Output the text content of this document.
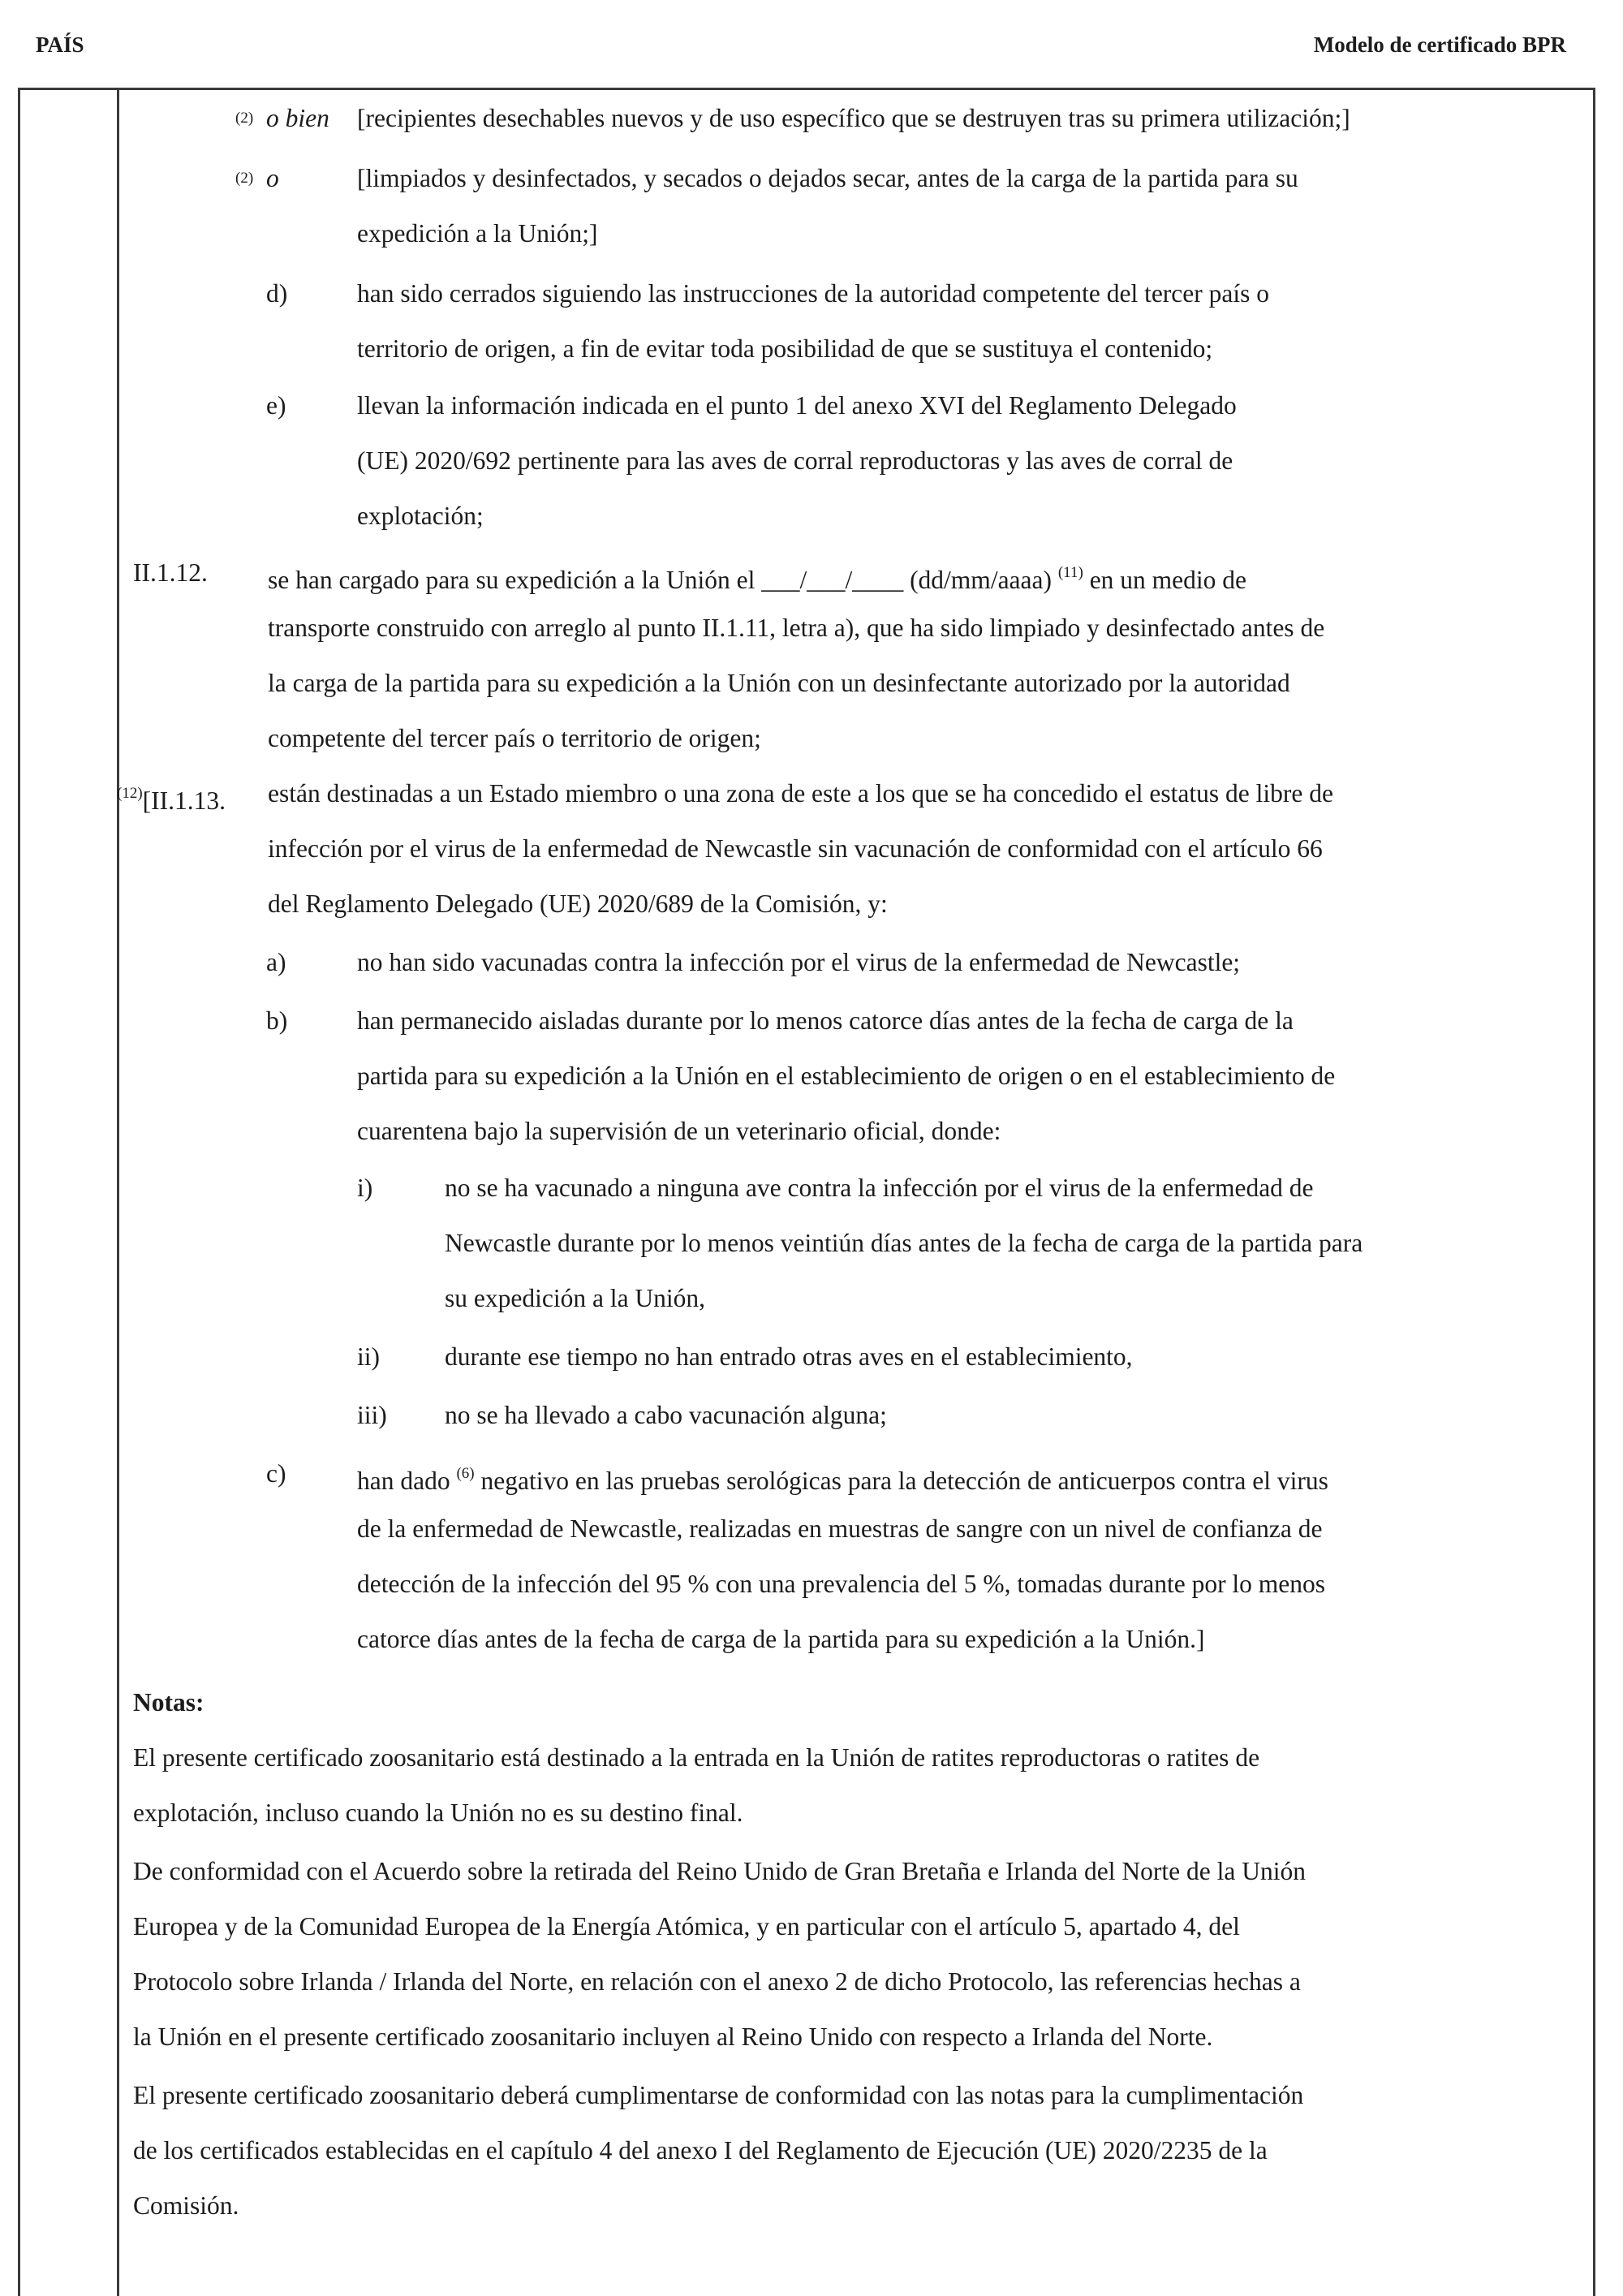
PAÍS	Modelo de certificado BPR
$^{(2)}$ o bien [recipientes desechables nuevos y de uso específico que se destruyen tras su primera utilización;]
$^{(2)}$ o	[limpiados y desinfectados, y secados o dejados secar, antes de la carga de la partida para su
expedición a la Unión;]
d)	han sido cerrados siguiendo las instrucciones de la autoridad competente del tercer país o
territorio de origen, a fin de evitar toda posibilidad de que se sustituya el contenido;
e)	llevan la información indicada en el punto 1 del anexo XVI del Reglamento Delegado
(UE) 2020/692 pertinente para las aves de corral reproductoras y las aves de corral de
explotación;
II.1.12. se han cargado para su expedición a la Unión el ___/___/____ (dd/mm/aaaa) $^{(11)}$ en un medio de
transporte construido con arreglo al punto II.1.11, letra a), que ha sido limpiado y desinfectado antes de
la carga de la partida para su expedición a la Unión con un desinfectante autorizado por la autoridad
competente del tercer país o territorio de origen;
$^{(12)}$[II.1.13. están destinadas a un Estado miembro o una zona de este a los que se ha concedido el estatus de libre de
infección por el virus de la enfermedad de Newcastle sin vacunación de conformidad con el artículo 66
del Reglamento Delegado (UE) 2020/689 de la Comisión, y:
a)	no han sido vacunadas contra la infección por el virus de la enfermedad de Newcastle;
b)	han permanecido aisladas durante por lo menos catorce días antes de la fecha de carga de la
partida para su expedición a la Unión en el establecimiento de origen o en el establecimiento de
cuarentena bajo la supervisión de un veterinario oficial, donde:
i)	no se ha vacunado a ninguna ave contra la infección por el virus de la enfermedad de
Newcastle durante por lo menos veintiún días antes de la fecha de carga de la partida para
su expedición a la Unión,
ii)	durante ese tiempo no han entrado otras aves en el establecimiento,
iii) no se ha llevado a cabo vacunación alguna;
c)	han dado $^{(6)}$ negativo en las pruebas serológicas para la detección de anticuerpos contra el virus
de la enfermedad de Newcastle, realizadas en muestras de sangre con un nivel de confianza de
detección de la infección del 95 % con una prevalencia del 5 %, tomadas durante por lo menos
catorce días antes de la fecha de carga de la partida para su expedición a la Unión.]
Notas:
El presente certificado zoosanitario está destinado a la entrada en la Unión de ratites reproductoras o ratites de
explotación, incluso cuando la Unión no es su destino final.
De conformidad con el Acuerdo sobre la retirada del Reino Unido de Gran Bretaña e Irlanda del Norte de la Unión
Europea y de la Comunidad Europea de la Energía Atómica, y en particular con el artículo 5, apartado 4, del
Protocolo sobre Irlanda / Irlanda del Norte, en relación con el anexo 2 de dicho Protocolo, las referencias hechas a
la Unión en el presente certificado zoosanitario incluyen al Reino Unido con respecto a Irlanda del Norte.
El presente certificado zoosanitario deberá cumplimentarse de conformidad con las notas para la cumplimentación
de los certificados establecidas en el capítulo 4 del anexo I del Reglamento de Ejecución (UE) 2020/2235 de la
Comisión.
